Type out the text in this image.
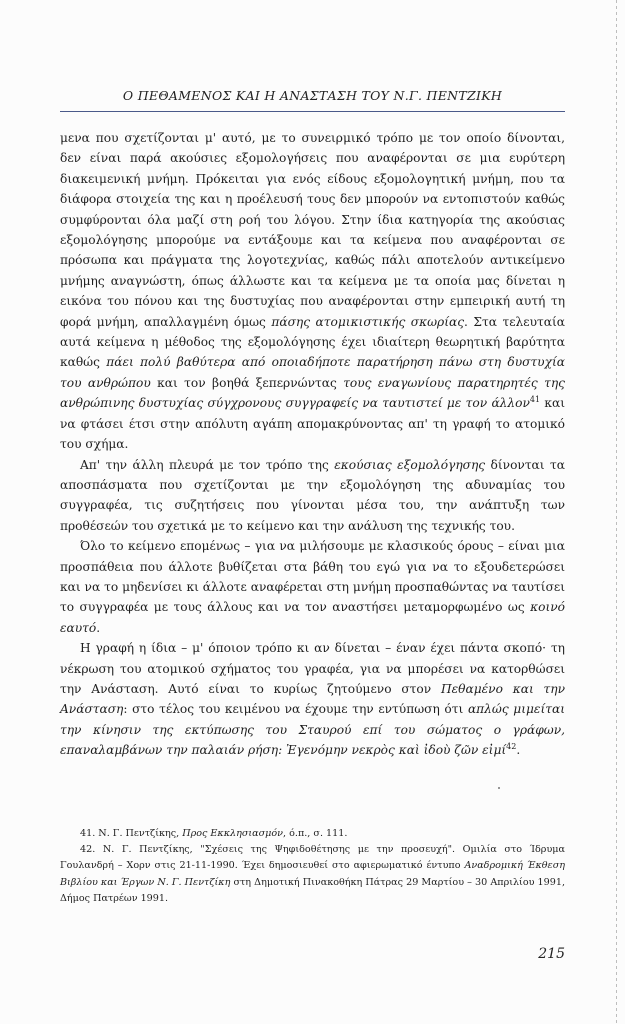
Ο ΠΕΘΑΜΕΝΟΣ ΚΑΙ Η ΑΝΑΣΤΑΣΗ ΤΟΥ Ν.Γ. ΠΕΝΤΖΙΚΗ

μενα που σχετίζονται μ' αυτό, με το συνειρμικό τρόπο με τον οποίο δίνονται, δεν είναι παρά ακούσιες εξομολογήσεις που αναφέρονται σε μια ευρύτερη διακειμενική μνήμη. Πρόκειται για ενός είδους εξομολογητική μνήμη, που τα διάφορα στοιχεία της και η προέλευσή τους δεν μπορούν να εντοπιστούν καθώς συμφύρονται όλα μαζί στη ροή του λόγου. Στην ίδια κατηγορία της ακούσιας εξομολόγησης μπορούμε να εντάξουμε και τα κείμενα που αναφέρονται σε πρόσωπα και πράγματα της λογοτεχνίας, καθώς πάλι αποτελούν αντικείμενο μνήμης αναγνώστη, όπως άλλωστε και τα κείμενα με τα οποία μας δίνεται η εικόνα του πόνου και της δυστυχίας που αναφέρονται στην εμπειρική αυτή τη φορά μνήμη, απαλλαγμένη όμως πάσης ατομικιστικής σκωρίας. Στα τελευταία αυτά κείμενα η μέθοδος της εξομολόγησης έχει ιδιαίτερη θεωρητική βαρύτητα καθώς πάει πολύ βαθύτερα από οποιαδήποτε παρατήρηση πάνω στη δυστυχία του ανθρώπου και τον βοηθά ξεπερνώντας τους εναγωνίους παρατηρητές της ανθρώπινης δυστυχίας σύγχρονους συγγραφείς να ταυτιστεί με τον άλλον$^{41}$ και να φτάσει έτσι στην απόλυτη αγάπη απομακρύνοντας απ' τη γραφή το ατομικό του σχήμα.

Απ' την άλλη πλευρά με τον τρόπο της εκούσιας εξομολόγησης δίνονται τα αποσπάσματα που σχετίζονται με την εξομολόγηση της αδυναμίας του συγγραφέα, τις συζητήσεις που γίνονται μέσα του, την ανάπτυξη των προθέσεών του σχετικά με το κείμενο και την ανάλυση της τεχνικής του.

Όλο το κείμενο επομένως – για να μιλήσουμε με κλασικούς όρους – είναι μια προσπάθεια που άλλοτε βυθίζεται στα βάθη του εγώ για να το εξουδετερώσει και να το μηδενίσει κι άλλοτε αναφέρεται στη μνήμη προσπαθώντας να ταυτίσει το συγγραφέα με τους άλλους και να τον αναστήσει μεταμορφωμένο ως κοινό εαυτό.

Η γραφή η ίδια – μ' όποιον τρόπο κι αν δίνεται – έναν έχει πάντα σκοπό· τη νέκρωση του ατομικού σχήματος του γραφέα, για να μπορέσει να κατορθώσει την Ανάσταση. Αυτό είναι το κυρίως ζητούμενο στον Πεθαμένο και την Ανάσταση: στο τέλος του κειμένου να έχουμε την εντύπωση ότι απλώς μιμείται την κίνησιν της εκτύπωσης του Σταυρού επί του σώματος ο γράφων, επαναλαμβάνων την παλαιάν ρήση: Ἐγενόμην νεκρὸς καὶ ἰδοὺ ζῶν εἰμί$^{42}$.

41. Ν. Γ. Πεντζίκης, Προς Εκκλησιασμόν, ό.π., σ. 111.

42. Ν. Γ. Πεντζίκης, "Σχέσεις της Ψηφιδοθέτησης με την προσευχή". Ομιλία στο Ίδρυμα Γουλανδρή – Χορν στις 21-11-1990. Έχει δημοσιευθεί στο αφιερωματικό έντυπο Αναδρομική Έκθεση Βιβλίου και Έργων Ν. Γ. Πεντζίκη στη Δημοτική Πινακοθήκη Πάτρας 29 Μαρτίου – 30 Απριλίου 1991, Δήμος Πατρέων 1991.

215
